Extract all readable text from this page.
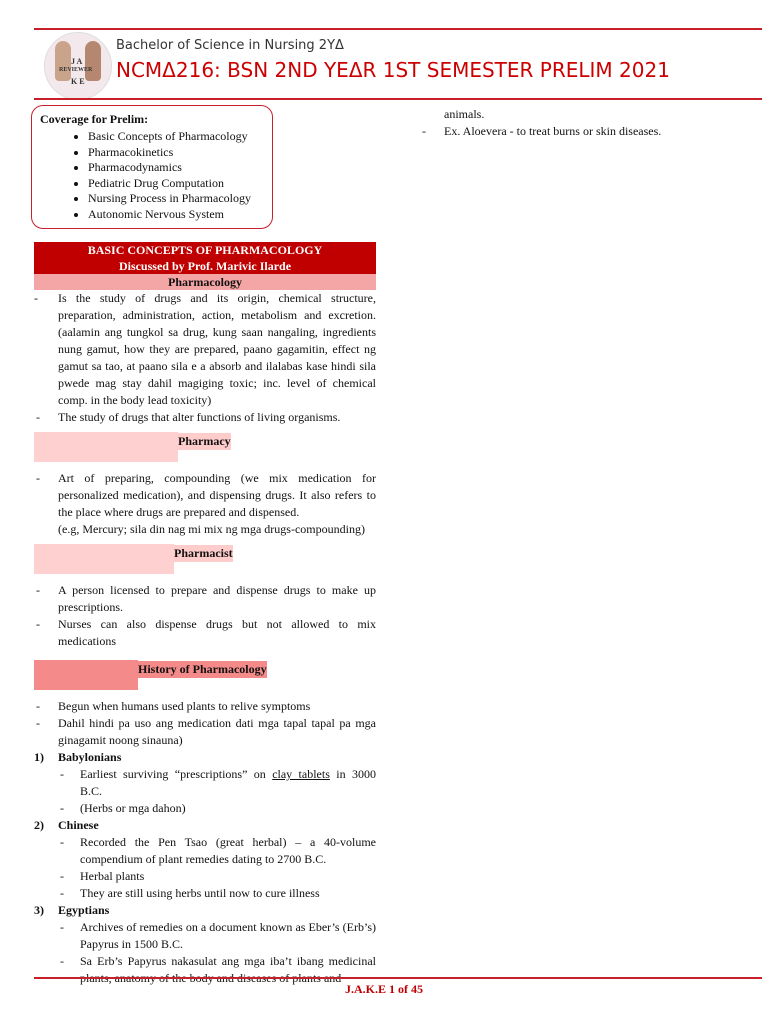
J A
REVIEWER
K E
Bachelor of Science in Nursing 2YΔ
NCMΔ216: BSN 2ND YEΔR 1ST SEMESTER PRELIM 2021
Coverage for Prelim:
• Basic Concepts of Pharmacology
• Pharmacokinetics
• Pharmacodynamics
• Pediatric Drug Computation
• Nursing Process in Pharmacology
• Autonomic Nervous System
BASIC CONCEPTS OF PHARMACOLOGY
Discussed by Prof. Marivic Ilarde
Pharmacology
- Is the study of drugs and its origin, chemical structure, preparation, administration, action, metabolism and excretion. (aalamin ang tungkol sa drug, kung saan nangaling, ingredients nung gamut, how they are prepared, paano gagamitin, effect ng gamut sa tao, at paano sila e a absorb and ilalabas kase hindi sila pwede mag stay dahil magiging toxic; inc. level of chemical comp. in the body lead toxicity)
- The study of drugs that alter functions of living organisms.
Pharmacy
- Art of preparing, compounding (we mix medication for personalized medication), and dispensing drugs. It also refers to the place where drugs are prepared and dispensed.
(e.g, Mercury; sila din nag mi mix ng mga drugs-compounding)
Pharmacist
- A person licensed to prepare and dispense drugs to make up prescriptions.
- Nurses can also dispense drugs but not allowed to mix medications
History of Pharmacology
- Begun when humans used plants to relive symptoms
- Dahil hindi pa uso ang medication dati mga tapal tapal pa mga ginagamit noong sinauna)
1) Babylonians
- Earliest surviving “prescriptions” on clay tablets in 3000 B.C.
- (Herbs or mga dahon)
2) Chinese
- Recorded the Pen Tsao (great herbal) – a 40-volume compendium of plant remedies dating to 2700 B.C.
- Herbal plants
- They are still using herbs until now to cure illness
3) Egyptians
- Archives of remedies on a document known as Eber’s (Erb’s) Papyrus in 1500 B.C.
- Sa Erb’s Papyrus nakasulat ang mga iba’t ibang medicinal
animals.
- Ex. Aloevera - to treat burns or skin diseases.
J.A.K.E 1 of 45
